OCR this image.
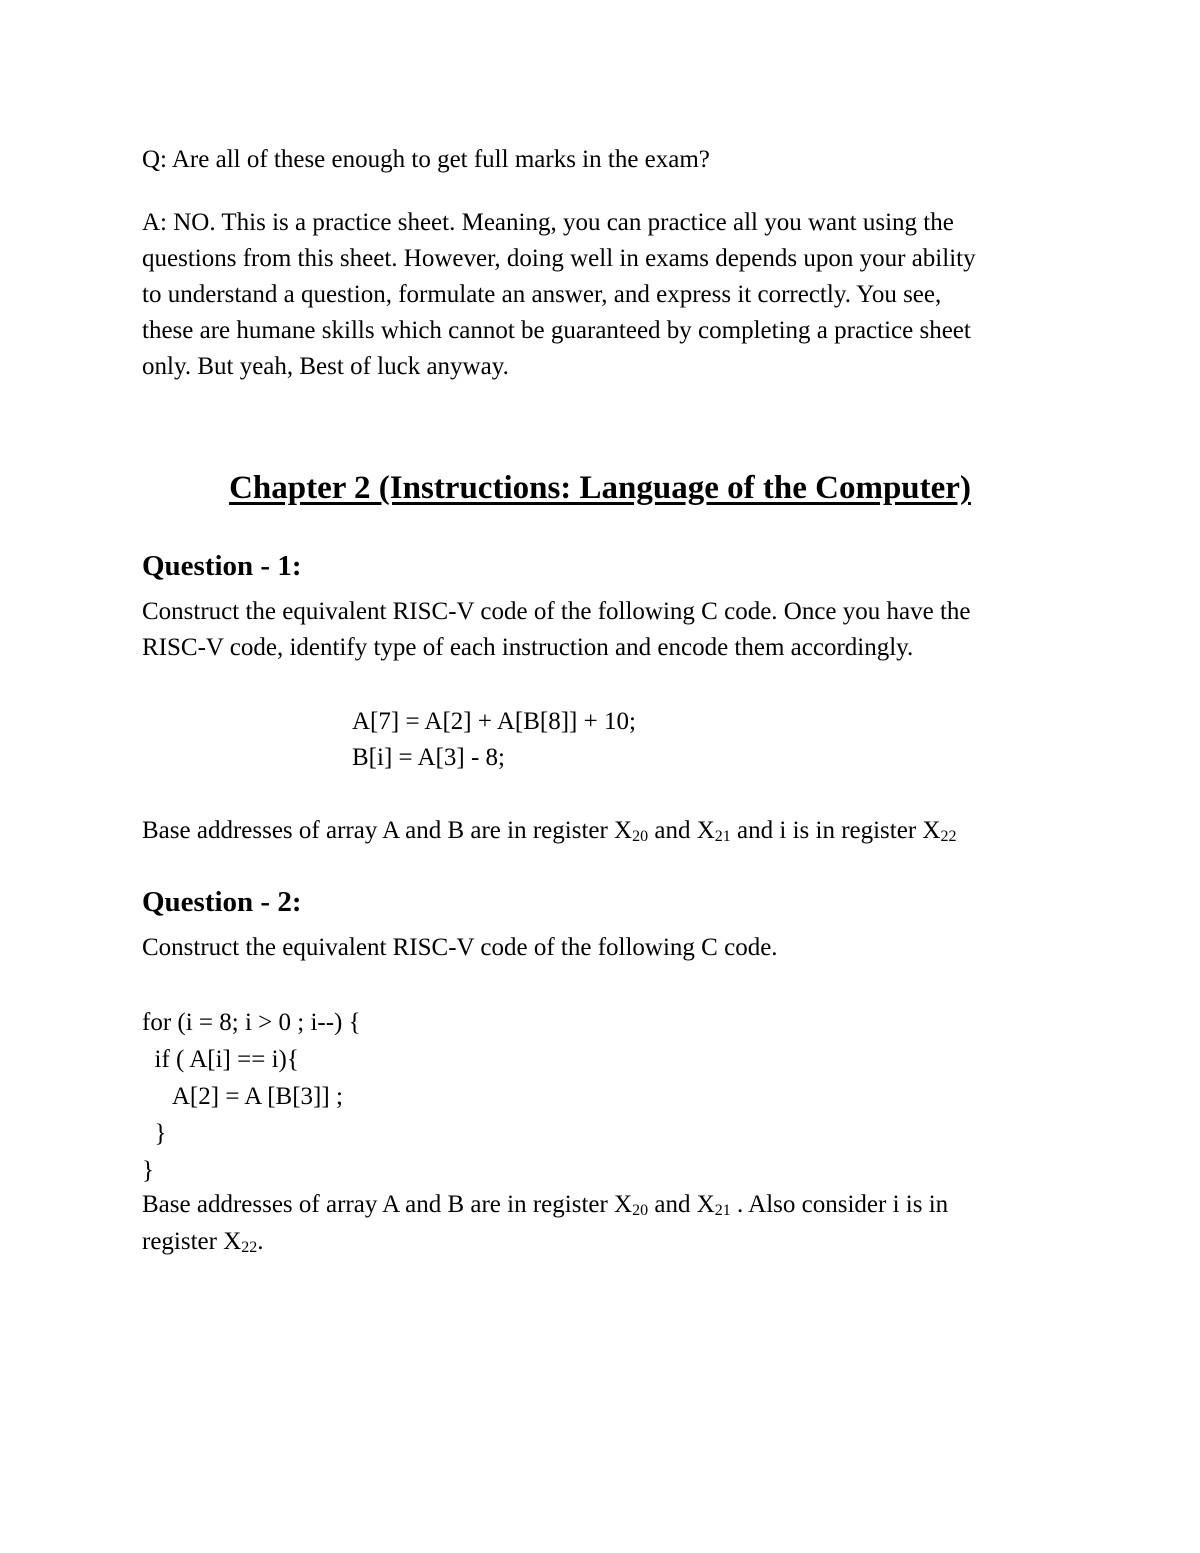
Q: Are all of these enough to get full marks in the exam?

A: NO. This is a practice sheet. Meaning, you can practice all you want using the

questions from this sheet. However, doing well in exams depends upon your ability

to understand a question, formulate an answer, and express it correctly. You see,

these are humane skills which cannot be guaranteed by completing a practice sheet

only. But yeah, Best of luck anyway.

Chapter 2 (Instructions: Language of the Computer)
Question - 1:

Construct the equivalent RISC-V code of the following C code. Once you have the

RISC-V code, identify type of each instruction and encode them accordingly.

A[7] = A[2] + A[B[8]] + 10;

B[i] = A[3] - 8;

Base addresses of array A and B are in register $X_{20}$ and $X_{21}$ and i is in register $X_{22}$
Question - 2:

Construct the equivalent RISC-V code of the following C code.

for (i = 8; i > 0 ; i--) {

if ( A[i] == i){

A[2] = A [B[3]] ;

}

}

Base addresses of array A and B are in register $X_{20}$ and $X_{21}$ . Also consider i is in

register $X_{22}$.
